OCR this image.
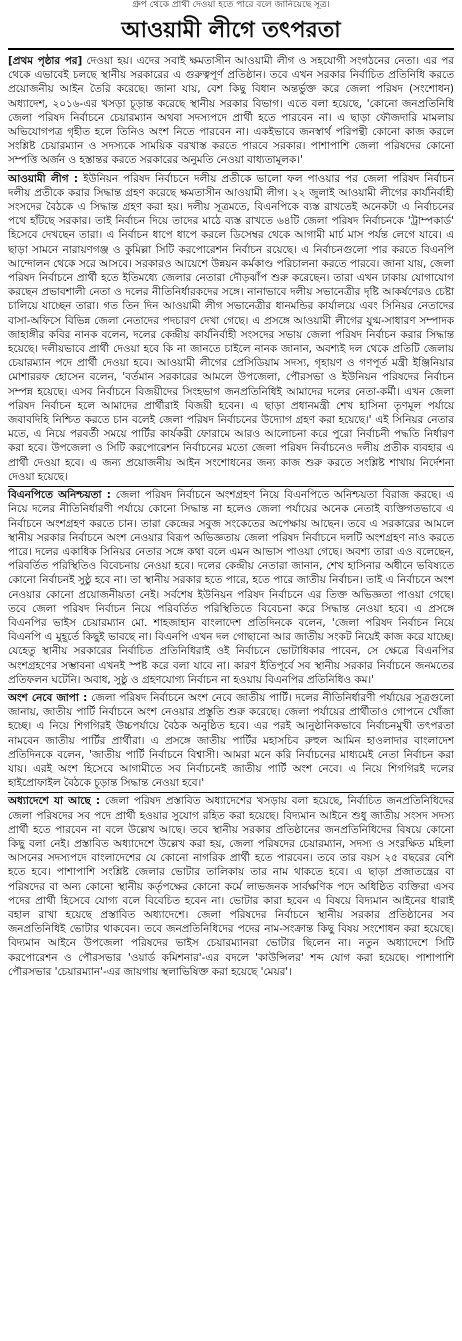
গ্রুপ থেকে প্রার্থী দেওয়া হতে পারে বলে জানিয়েছে সূত্র।
আওয়ামী লীগে তৎপরতা

[প্রথম পৃষ্ঠার পর] দেওয়া হয়। এদের সবাই ক্ষমতাসীন আওয়ামী লীগ ও সহযোগী সংগঠনের নেতা। এর পর থেকে এভাবেই চলছে স্থানীয় সরকারের এ গুরুত্বপূর্ণ প্রতিষ্ঠান। তবে এখন সরকার নির্বাচিত প্রতিনিধি করতে প্রয়োজনীয় আইন তৈরি করেছে। জানা যায়, বেশ কিছু বিধান অন্তর্ভুক্ত করে জেলা পরিষদ (সংশোধন) অধ্যাদেশ, ২০১৬-এর খসড়া চূড়ান্ত করেছে স্থানীয় সরকার বিভাগ। এতে বলা হয়েছে, 'কোনো জনপ্রতিনিধি জেলা পরিষদ নির্বাচনে চেয়ারম্যান অথবা সদস্যপদে প্রার্থী হতে পারবেন না। এ ছাড়া ফৌজদারি মামলায় অভিযোগপত্র গৃহীত হলে তিনিও অংশ নিতে পারবেন না। একইভাবে জনস্বার্থ পরিপন্থী কোনো কাজ করলে সংশ্লিষ্ট চেয়ারম্যান ও সদস্যকে সাময়িক বরখাস্ত করতে পারবে সরকার। পাশাপাশি জেলা পরিষদের কোনো সম্পত্তি অর্জন ও হস্তান্তর করতে সরকারের অনুমতি নেওয়া বাধ্যতামূলক।'

আওয়ামী লীগ : ইউনিয়ন পরিষদ নির্বাচনে দলীয় প্রতীকে ভালো ফল পাওয়ার পর জেলা পরিষদ নির্বাচন দলীয় প্রতীকে করার সিদ্ধান্ত গ্রহণ করেছে ক্ষমতাসীন আওয়ামী লীগ। ২২ জুলাই আওয়ামী লীগের কার্যনির্বাহী সংসদের বৈঠকে এ সিদ্ধান্ত গ্রহণ করা হয়। দলীয় সূত্রমতে, বিএনপিকে ব্যস্ত রাখতেই অনেকটা এ নির্বাচনের পথে হাঁটছে সরকার। তাই নির্বাচন দিয়ে তাদের মাঠে ব্যস্ত রাখতে ৬৪টি জেলা পরিষদ নির্বাচনকে 'ট্রাম্পকার্ড' হিসেবে দেখছেন তারা। এ নির্বাচন ধাপে ধাপে করলে ডিসেম্বর থেকে আগামী মার্চ মাস পর্যন্ত লেগে যাবে। এ ছাড়া সামনে নারায়ণগঞ্জ ও কুমিল্লা সিটি করপোরেশন নির্বাচন রয়েছে। এ নির্বাচনগুলো পার করতে বিএনপি আন্দোলন থেকে সরে আসবে। সরকারও আয়েশে উন্নয়ন কর্মকাণ্ড পরিচালনা করতে পারবে। জানা যায়, জেলা পরিষদ নির্বাচনে প্রার্থী হতে ইতিমধ্যে জেলার নেতারা দৌড়ঝাঁপ শুরু করেছেন। তারা এখন ঢাকায় যোগাযোগ করছেন প্রভাবশালী নেতা ও দলের নীতিনির্ধারকদের সঙ্গে। নানাভাবে দলীয় সভানেত্রীর দৃষ্টি আকর্ষণেরও চেষ্টা চালিয়ে যাচ্ছেন তারা। গত তিন দিন আওয়ামী লীগ সভানেত্রীর ধানমন্ডির কার্যালয়ে এবং সিনিয়র নেতাদের বাসা-অফিসে বিভিন্ন জেলা নেতাদের পদচারণ দেখা গেছে। এ প্রসঙ্গে আওয়ামী লীগের যুগ্ম-সাধারণ সম্পাদক জাহাঙ্গীর কবির নানক বলেন, দলের কেন্দ্রীয় কার্যনির্বাহী সংসদের সভায় জেলা পরিষদ নির্বাচন করার সিদ্ধান্ত হয়েছে। দলীয়ভাবে প্রার্থী দেওয়া হবে কি না জানতে চাইলে নানক জানান, অবশ্যই দল থেকে প্রতিটি জেলায় চেয়ারম্যান পদে প্রার্থী দেওয়া হবে। আওয়ামী লীগের প্রেসিডিয়াম সদস্য, গৃহায়ণ ও গণপূর্ত মন্ত্রী ইঞ্জিনিয়ার মোশাররফ হোসেন বলেন, 'বর্তমান সরকারের আমলে উপজেলা, পৌরসভা ও ইউনিয়ন পরিষদের নির্বাচন সম্পন্ন হয়েছে। এসব নির্বাচনে বিজয়ীদের সিংহভাগ জনপ্রতিনিধিই আমাদের দলের নেতা-কর্মী। এখন জেলা পরিষদ নির্বাচন হলে আমাদের প্রার্থীরাই বিজয়ী হবেন। এ ছাড়া প্রধানমন্ত্রী শেখ হাসিনা তৃণমূল পর্যায়ে জবাবদিহি নিশ্চিত করতে চান বলেই জেলা পরিষদ নির্বাচনের উদ্যোগ গ্রহণ করা হয়েছে।' এই সিনিয়র নেতার মতে, এ নিয়ে পরবর্তী সময়ে পার্টির কার্যকরী ফোরামে আরও আলোচনা করে পুরো নির্বাচনী পদ্ধতি নির্ধারণ করা হবে। উপজেলা ও সিটি করপোরেশন নির্বাচনের মতো জেলা পরিষদ নির্বাচনেও দলীয় প্রতীক ব্যবহার এ প্রার্থী দেওয়া হবে। এ জন্য প্রয়োজনীয় আইন সংশোধনের জন্য কাজ শুরু করতে সংশ্লিষ্ট শাখায় নির্দেশনা দেওয়া হয়েছে।

বিএনপিতে অনিশ্চয়তা : জেলা পরিষদ নির্বাচনে অংশগ্রহণ নিয়ে বিএনপিতে অনিশ্চয়তা বিরাজ করছে। এ নিয়ে দলের নীতিনির্ধারণী পর্যায়ে কোনো সিদ্ধান্ত না হলেও জেলা পর্যায়ের অনেক নেতাই ব্যক্তিগতভাবে এ নির্বাচনে অংশগ্রহণ করতে চান। তারা কেন্দ্রের সবুজ সংকেতের অপেক্ষায় আছেন। তবে এ সরকারের আমলে স্থানীয় সরকার নির্বাচনে অংশ নেওয়ার বিরূপ অভিজ্ঞতায় জেলা পরিষদ নির্বাচনে দলটি অংশগ্রহণ নাও করতে পারে। দলের একাধিক সিনিয়র নেতার সঙ্গে কথা বলে এমন আভাস পাওয়া গেছে। অবশ্য তারা এও বলেছেন, পরিবর্তিত পরিস্থিতিও বিবেচনায় নেওয়া হবে। দলের কেন্দ্রীয় নেতারা জানান, শেখ হাসিনার অধীনে ভবিষ্যতে কোনো নির্বাচনই সুষ্ঠু হবে না। তা স্থানীয় সরকার হতে পারে, হতে পারে জাতীয় নির্বাচন। তাই এ নির্বাচনে অংশ নেওয়ার কোনো প্রয়োজনীয়তা নেই। সর্বশেষ ইউনিয়ন পরিষদ নির্বাচনে এর তিক্ত অভিজ্ঞতা পাওয়া গেছে। তবে জেলা পরিষদ নির্বাচন নিয়ে পরিবর্তিত পরিস্থিতিতে বিবেচনা করে সিদ্ধান্ত নেওয়া হবে। এ প্রসঙ্গে বিএনপির ভাইস চেয়ারম্যান মো. শাহজাহান বাংলাদেশ প্রতিদিনকে বলেন, 'জেলা পরিষদ নির্বাচন নিয়ে বিএনপি এ মুহূর্তে কিছুই ভাবছে না। বিএনপি এখন দল গোছানো আর জাতীয় সংকট নিয়েই কাজ করে যাচ্ছে। যেহেতু স্থানীয় সরকারের নির্বাচিত প্রতিনিধিরাই ওই নির্বাচনে ভোটাধিকার পাবেন, সে ক্ষেত্রে বিএনপির অংশগ্রহণের সম্ভাবনা এখনই স্পষ্ট করে বলা যাবে না। কারণ ইতিপূর্বে সব স্থানীয় সরকার নির্বাচনে জনমতের প্রতিফলন ঘটেনি। অবাধ, সুষ্ঠু ও গ্রহণযোগ্য নির্বাচন না হওয়ায় বিএনপির প্রতিনিধিও কম।'

অংশ নেবে জাপা : জেলা পরিষদ নির্বাচনে অংশ নেবে জাতীয় পার্টি। দলের নীতিনির্ধারণী পর্যায়ের সূত্রগুলো জানায়, জাতীয় পার্টি নির্বাচনে অংশ নেওয়ার প্রস্তুতি শুরু করেছে। জেলা পর্যায়ের প্রার্থীতাও গোপনে খোঁজা হচ্ছে। এ নিয়ে শিগগিরই উচ্চপর্যায়ে বৈঠক অনুষ্ঠিত হবে। এর পরই আনুষ্ঠানিকভাবে নির্বাচনমুখী তৎপরতা নামবেন জাতীয় পার্টির প্রার্থীরা। এ প্রসঙ্গে জাতীয় পার্টির মহাসচিব রুহুল আমিন হাওলাদার বাংলাদেশ প্রতিদিনকে বলেন, 'জাতীয় পার্টি নির্বাচনে বিশ্বাসী। আমরা মনে করি নির্বাচনের মাধ্যমেই নেতা নির্বাচন করা যায়। এরই অংশ হিসেবে আগামীতে সব নির্বাচনেই জাতীয় পার্টি অংশ নেবে। এ নিয়ে শিগগিরই দলের হাইপ্রোফাইল বৈঠকে চূড়ান্ত সিদ্ধান্ত নেওয়া হবে।'

অধ্যাদেশে যা আছে : জেলা পরিষদ প্রস্তাবিত অধ্যাদেশের খসড়ায় বলা হয়েছে, নির্বাচিত জনপ্রতিনিধিদের জেলা পরিষদের সব পদে প্রার্থী হওয়ার সুযোগ রহিত করা হয়েছে। বিদ্যমান আইনে শুধু জাতীয় সংসদ সদস্য প্রার্থী হতে পারবেন না বলে উল্লেখ আছে। তবে স্থানীয় সরকার প্রতিষ্ঠানের জনপ্রতিনিধিদের বিষয়ে কোনো কিছু বলা নেই। প্রস্তাবিত অধ্যাদেশে উল্লেখ করা হয়, জেলা পরিষদের চেয়ারম্যান, সদস্য ও সংরক্ষিত মহিলা আসনের সদস্যপদে বাংলাদেশের যে কোনো নাগরিক প্রার্থী হতে পারবেন। তবে তার বয়স ২৫ বছরের বেশি হতে হবে। পাশাপাশি সংশ্লিষ্ট জেলার ভোটার তালিকায় তার নাম থাকতে হবে। এ ছাড়া প্রজাতন্ত্রের বা পরিষদের বা অন্য কোনো স্থানীয় কর্তৃপক্ষের কোনো কর্মে লাভজনক সার্বক্ষণিক পদে অধিষ্ঠিত ব্যক্তিরা এসব পদের প্রার্থী হিসেবে যোগ্য বলে বিবেচিত হবেন না। ভোটার কারা হবেন এ বিষয়ে বিদ্যমান আইনের ধারাই বহাল রাখা হয়েছে প্রস্তাবিত অধ্যাদেশে। জেলা পরিষদের নির্বাচনে স্থানীয় সরকার প্রতিষ্ঠানের সব জনপ্রতিনিধিই ভোটার থাকবেন। তবে জনপ্রতিনিধিদের পদের নাম-সংক্রান্ত কিছু বিষয় সংশোধন করা হয়েছে। বিদ্যমান আইনে উপজেলা পরিষদের ভাইস চেয়ারম্যানরা ভোটার ছিলেন না। নতুন অধ্যাদেশে সিটি করপোরেশন ও পৌরসভার 'ওয়ার্ড কমিশনার'-এর বদলে 'কাউন্সিলর' শব্দ যোগ করা হয়েছে। পাশাপাশি পৌরসভার 'চেয়ারম্যান'-এর জায়গায় স্থলাভিষিক্ত করা হয়েছে 'মেয়র'।
